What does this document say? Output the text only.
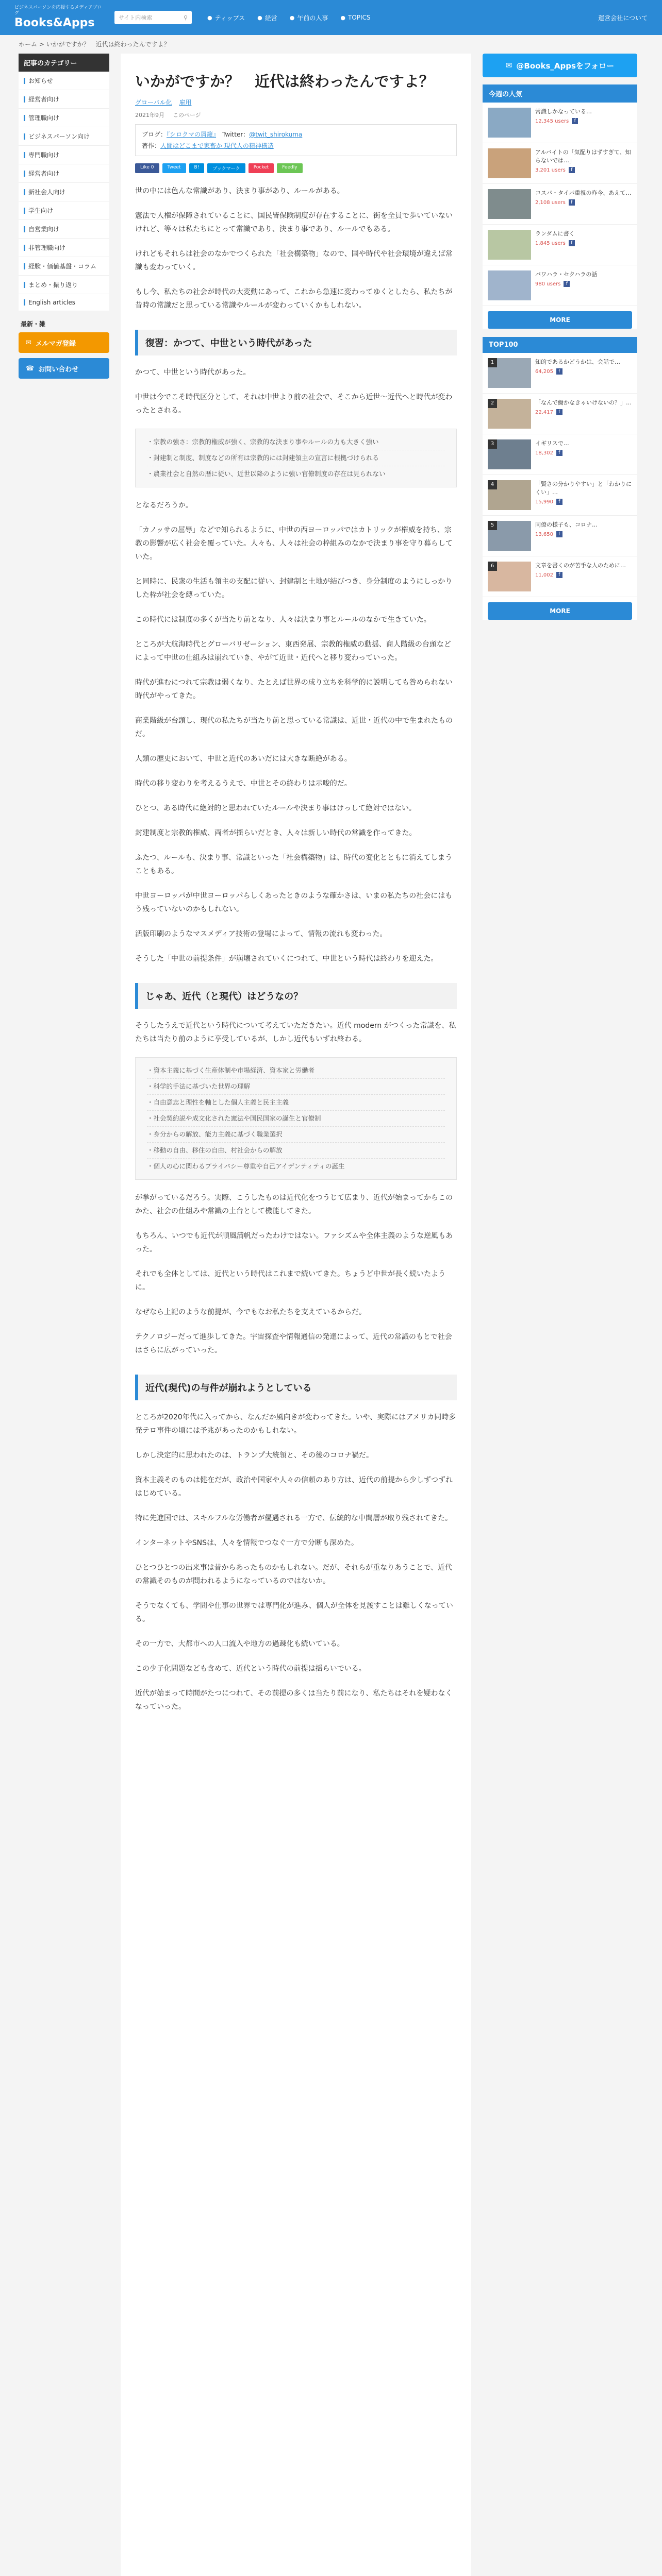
ビジネスパーソンを応援するメディアブログ
Books&Apps	サイト内検索	⚲	● ティップス ● 経営 ● 午前の人事 ● TOPICS	運営会社について
ホーム > いかがですか？　近代は終わったんですよ？
記事のカテゴリー
お知らせ
経営者向け
管理職向け
ビジネスパーソン向け
専門職向け
経営者向け
新社会人向け
学生向け
自営業向け
非管理職向け
経験・価値基盤・コラム
まとめ・振り返り
English articles
最新・雑
✉ メルマガ登録
☎ お問い合わせ
いかがですか？　近代は終わったんですよ？
グローバル化 雇用
2021年9月 このページ
ブログ：『シロクマの屑籠』　 Twitter：@twit_shirokuma
著作：人間はどこまで家畜か 現代人の精神構造
Like 0	Tweet	B!	ブックマーク	Pocket	Feedly

世の中には色んな常識があり、決まり事があり、ルールがある。

憲法で人権が保障されていることに、国民皆保険制度が存在することに、街を全員で歩いていないけれど、等々は私たちにとって常識であり、決まり事であり、ルールでもある。

けれどもそれらは社会のなかでつくられた「社会構築物」なので、国や時代や社会環境が違えば常識も変わっていく。

もし今、私たちの社会が時代の大変動にあって、これから急速に変わってゆくとしたら、私たちが昔時の常識だと思っている常識やルールが変わっていくかもしれない。

復習：かつて、中世という時代があった

かつて、中世という時代があった。

中世は今でこそ時代区分として、それは中世より前の社会で、そこから近世〜近代へと時代が変わったとされる。

・宗教の強さ：宗教的権威が強く、宗教的な決まり事やルールの力も大きく強い

・封建制と制度、制度などの所有は宗教的には封建領主の宣言に根拠づけられる

・農業社会と自然の暦に従い、近世以降のように強い官僚制度の存在は見られない

となるだろうか。

「カノッサの屈辱」などで知られるように、中世の西ヨーロッパではカトリックが権威を持ち、宗教の影響が広く社会を覆っていた。人々も、人々は社会の枠組みのなかで決まり事を守り暮らしていた。

と同時に、民衆の生活も領主の支配に従い、封建制と土地が結びつき、身分制度のようにしっかりした枠が社会を縛っていた。

この時代には制度の多くが当たり前となり、人々は決まり事とルールのなかで生きていた。

ところが大航海時代とグローバリゼーション、東西発展、宗教的権威の動揺、商人階級の台頭などによって中世の仕組みは崩れていき、やがて近世・近代へと移り変わっていった。

時代が進むにつれて宗教は弱くなり、たとえば世界の成り立ちを科学的に説明しても咎められない時代がやってきた。

商業階級が台頭し、現代の私たちが当たり前と思っている常識は、近世・近代の中で生まれたものだ。

人類の歴史において、中世と近代のあいだには大きな断絶がある。

時代の移り変わりを考えるうえで、中世とその終わりは示唆的だ。

ひとつ、ある時代に絶対的と思われていたルールや決まり事はけっして絶対ではない。

封建制度と宗教的権威、両者が揺らいだとき、人々は新しい時代の常識を作ってきた。

ふたつ、ルールも、決まり事、常識といった「社会構築物」は、時代の変化とともに消えてしまうこともある。

中世ヨーロッパが中世ヨーロッパらしくあったときのような確かさは、いまの私たちの社会にはもう残っていないのかもしれない。

活版印刷のようなマスメディア技術の登場によって、情報の流れも変わった。

そうした「中世の前提条件」が崩壊されていくにつれて、中世という時代は終わりを迎えた。

じゃあ、近代（と現代）はどうなの？

そうしたうえで近代という時代について考えていただきたい。近代 modern がつくった常識を、私たちは当たり前のように享受しているが、しかし近代もいずれ終わる。

・資本主義に基づく生産体制や市場経済、資本家と労働者

・科学的手法に基づいた世界の理解

・自由意志と理性を軸とした個人主義と民主主義

・社会契約説や成文化された憲法や国民国家の誕生と官僚制

・身分からの解放、能力主義に基づく職業選択

・移動の自由、移住の自由、村社会からの解放

・個人の心に関わるプライバシー尊重や自己アイデンティティの誕生

が挙がっているだろう。実際、こうしたものは近代化をつうじて広まり、近代が始まってからこのかた、社会の仕組みや常識の土台として機能してきた。

もちろん、いつでも近代が順風満帆だったわけではない。ファシズムや全体主義のような逆風もあった。

それでも全体としては、近代という時代はこれまで続いてきた。ちょうど中世が長く続いたように。

なぜなら上記のような前提が、今でもなお私たちを支えているからだ。

テクノロジーだって進歩してきた。宇宙探査や情報通信の発達によって、近代の常識のもとで社会はさらに広がっていった。

近代(現代)の与件が崩れようとしている

ところが2020年代に入ってから、なんだか風向きが変わってきた。いや、実際にはアメリカ同時多発テロ事件の頃には予兆があったのかもしれない。

しかし決定的に思われたのは、トランプ大統領と、その後のコロナ禍だ。

資本主義そのものは健在だが、政治や国家や人々の信頼のあり方は、近代の前提から少しずつずれはじめている。

特に先進国では、スキルフルな労働者が優遇される一方で、伝統的な中間層が取り残されてきた。

インターネットやSNSは、人々を情報でつなぐ一方で分断も深めた。

ひとつひとつの出来事は昔からあったものかもしれない。だが、それらが重なりあうことで、近代の常識そのものが問われるようになっているのではないか。

そうでなくても、学問や仕事の世界では専門化が進み、個人が全体を見渡すことは難しくなっている。

その一方で、大都市への人口流入や地方の過疎化も続いている。

この少子化問題なども含めて、近代という時代の前提は揺らいでいる。

近代が始まって時間がたつにつれて、その前提の多くは当たり前になり、私たちはそれを疑わなくなっていった。

✉ @Books_Appsをフォロー
今週の人気
常識しかなっている…
12,345 users	f
アルバイトの「気配りはずすぎて、知らないでは…」
3,201 users	f
コスパ・タイパ重視の昨今、あえて…
2,108 users	f
ランダムに書く
1,845 users	f
パワハラ・セクハラの話
980 users	f
MORE
TOP100
1	知的であるかどうかは、会話で…
64,205	f
2	「なんで働かなきゃいけないの？」…
22,417	f
3	イギリスで…
18,302	f
4	「賢さの分かりやすい」と「わかりにくい」…
15,990	f
5	同僚の様子も、コロナ…
13,650	f
6	文章を書くのが苦手な人のために…
11,002	f
MORE
